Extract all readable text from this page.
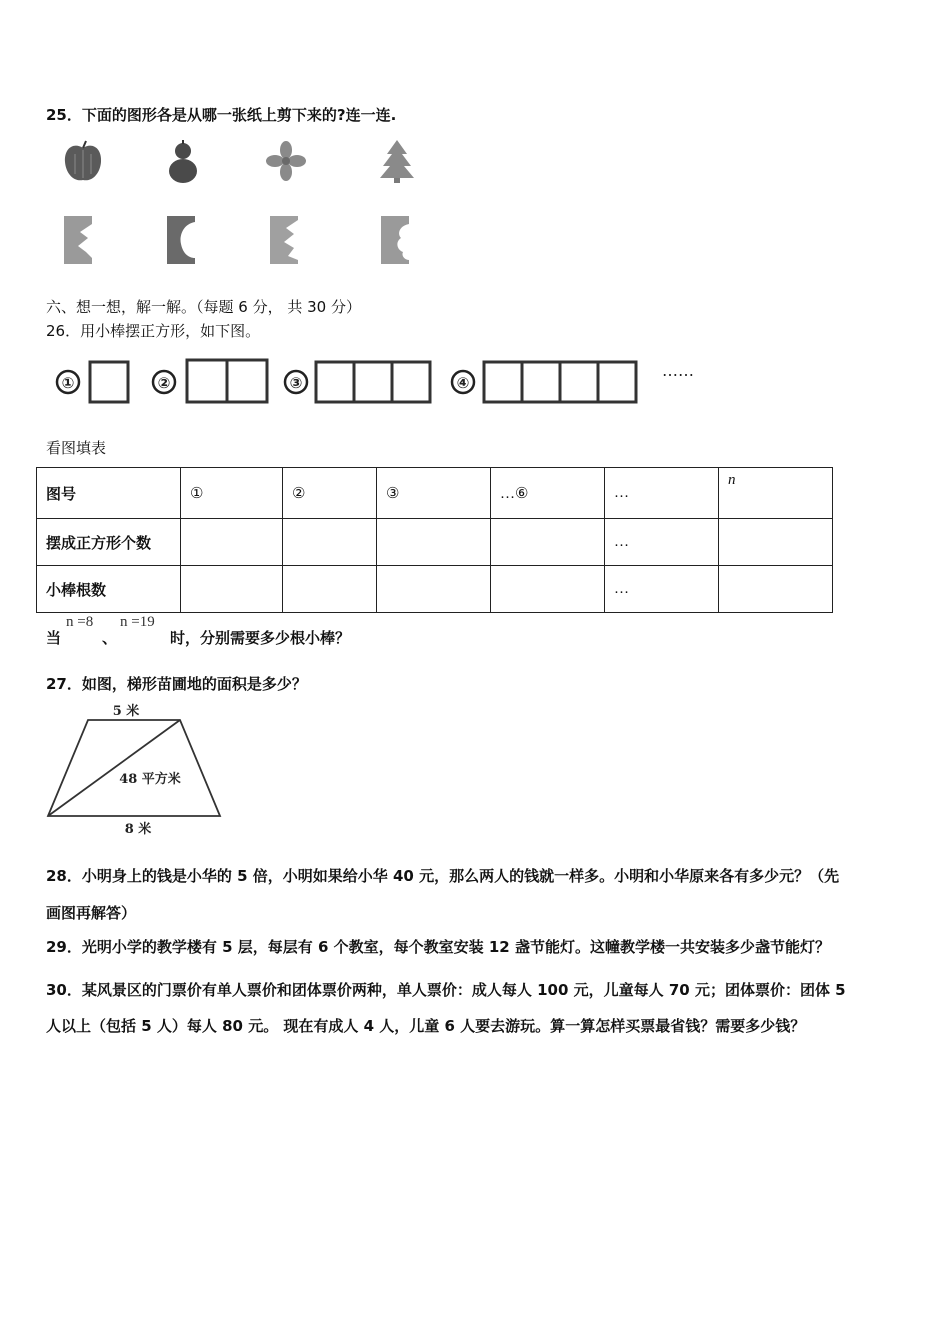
25．下面的图形各是从哪一张纸上剪下来的?连一连.
六、想一想，解一解。（每题 6 分， 共 30 分）
26．用小棒摆正方形，如下图。
①	②	③	④
……
看图填表
图号	①	②	③	…⑥	…	n
摆成正方形个数					…	
小棒根数					…	
当
n =8
、
n =19
时，分别需要多少根小棒？
27．如图，梯形苗圃地的面积是多少？
5 米
48 平方米
8 米
28．小明身上的钱是小华的 5 倍，小明如果给小华 40 元，那么两人的钱就一样多。小明和小华原来各有多少元？（先
画图再解答）
29．光明小学的教学楼有 5 层，每层有 6 个教室，每个教室安装 12 盏节能灯。这幢教学楼一共安装多少盏节能灯？
30．某风景区的门票价有单人票价和团体票价两种，单人票价：成人每人 100 元，儿童每人 70 元；团体票价：团体 5
人以上（包括 5 人）每人 80 元。 现在有成人 4 人，儿童 6 人要去游玩。算一算怎样买票最省钱？需要多少钱？
